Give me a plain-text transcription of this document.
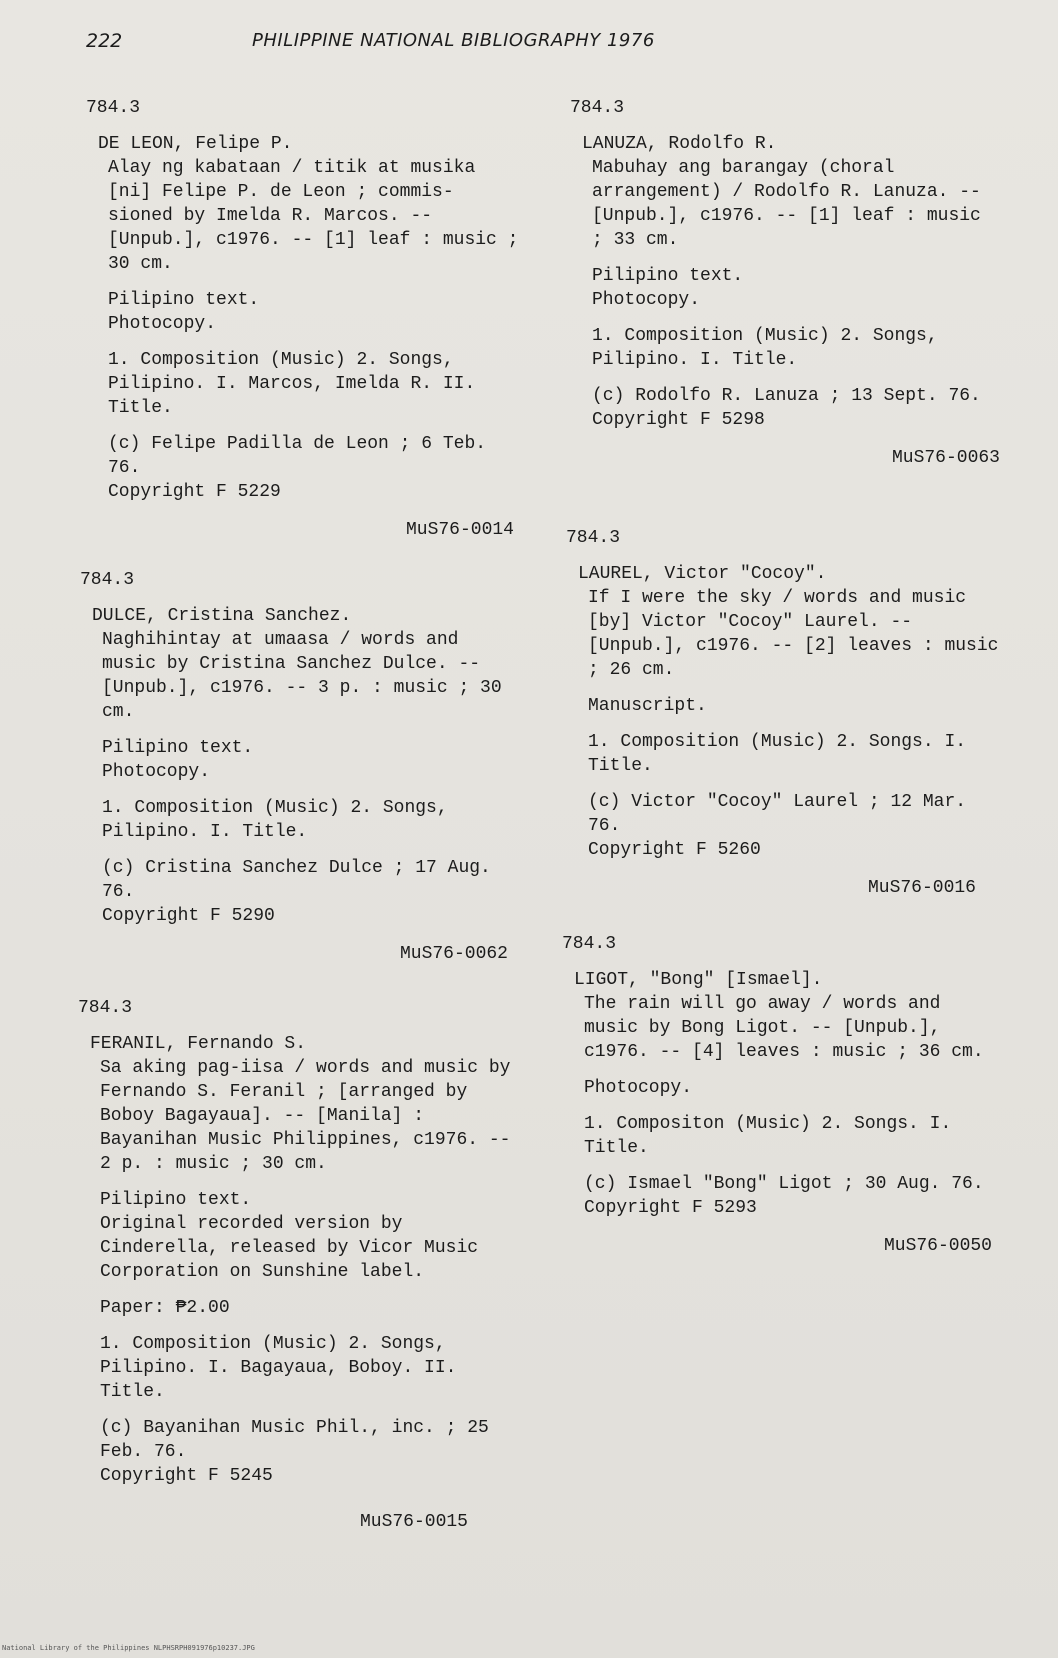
222	PHILIPPINE NATIONAL BIBLIOGRAPHY 1976
784.3
DE LEON, Felipe P.

Alay ng kabataan / titik at musika [ni] Felipe P. de Leon ; commis- sioned by Imelda R. Marcos. -- [Unpub.], c1976. -- [1] leaf : music ; 30 cm.

Pilipino text.
Photocopy.

1. Composition (Music) 2. Songs, Pilipino. I. Marcos, Imelda R. II. Title.

(c) Felipe Padilla de Leon ; 6 Teb. 76.
Copyright F 5229

MuS76-0014
784.3
DULCE, Cristina Sanchez.

Naghihintay at umaasa / words and music by Cristina Sanchez Dulce. -- [Unpub.], c1976. -- 3 p. : music ; 30 cm.

Pilipino text.
Photocopy.

1. Composition (Music) 2. Songs, Pilipino. I. Title.

(c) Cristina Sanchez Dulce ; 17 Aug. 76.
Copyright F 5290

MuS76-0062
784.3
FERANIL, Fernando S.

Sa aking pag-iisa / words and music by Fernando S. Feranil ; [arranged by Boboy Bagayaua]. -- [Manila] : Bayanihan Music Philippines, c1976. -- 2 p. : music ; 30 cm.

Pilipino text.
Original recorded version by Cinderella, released by Vicor Music Corporation on Sunshine label.

Paper: ₱2.00

1. Composition (Music) 2. Songs, Pilipino. I. Bagayaua, Boboy. II. Title.

(c) Bayanihan Music Phil., inc. ; 25 Feb. 76.
Copyright F 5245

MuS76-0015
784.3
LANUZA, Rodolfo R.

Mabuhay ang barangay (choral arrangement) / Rodolfo R. Lanuza. -- [Unpub.], c1976. -- [1] leaf : music ; 33 cm.

Pilipino text.
Photocopy.

1. Composition (Music) 2. Songs, Pilipino. I. Title.

(c) Rodolfo R. Lanuza ; 13 Sept. 76.
Copyright F 5298

MuS76-0063
784.3
LAUREL, Victor "Cocoy".

If I were the sky / words and music [by] Victor "Cocoy" Laurel. -- [Unpub.], c1976. -- [2] leaves : music ; 26 cm.

Manuscript.

1. Composition (Music) 2. Songs. I. Title.

(c) Victor "Cocoy" Laurel ; 12 Mar. 76.
Copyright F 5260

MuS76-0016
784.3
LIGOT, "Bong" [Ismael].

The rain will go away / words and music by Bong Ligot. -- [Unpub.], c1976. -- [4] leaves : music ; 36 cm.

Photocopy.

1. Compositon (Music) 2. Songs. I. Title.

(c) Ismael "Bong" Ligot ; 30 Aug. 76.
Copyright F 5293

MuS76-0050
National Library of the Philippines NLPHSRPH091976p10237.JPG
